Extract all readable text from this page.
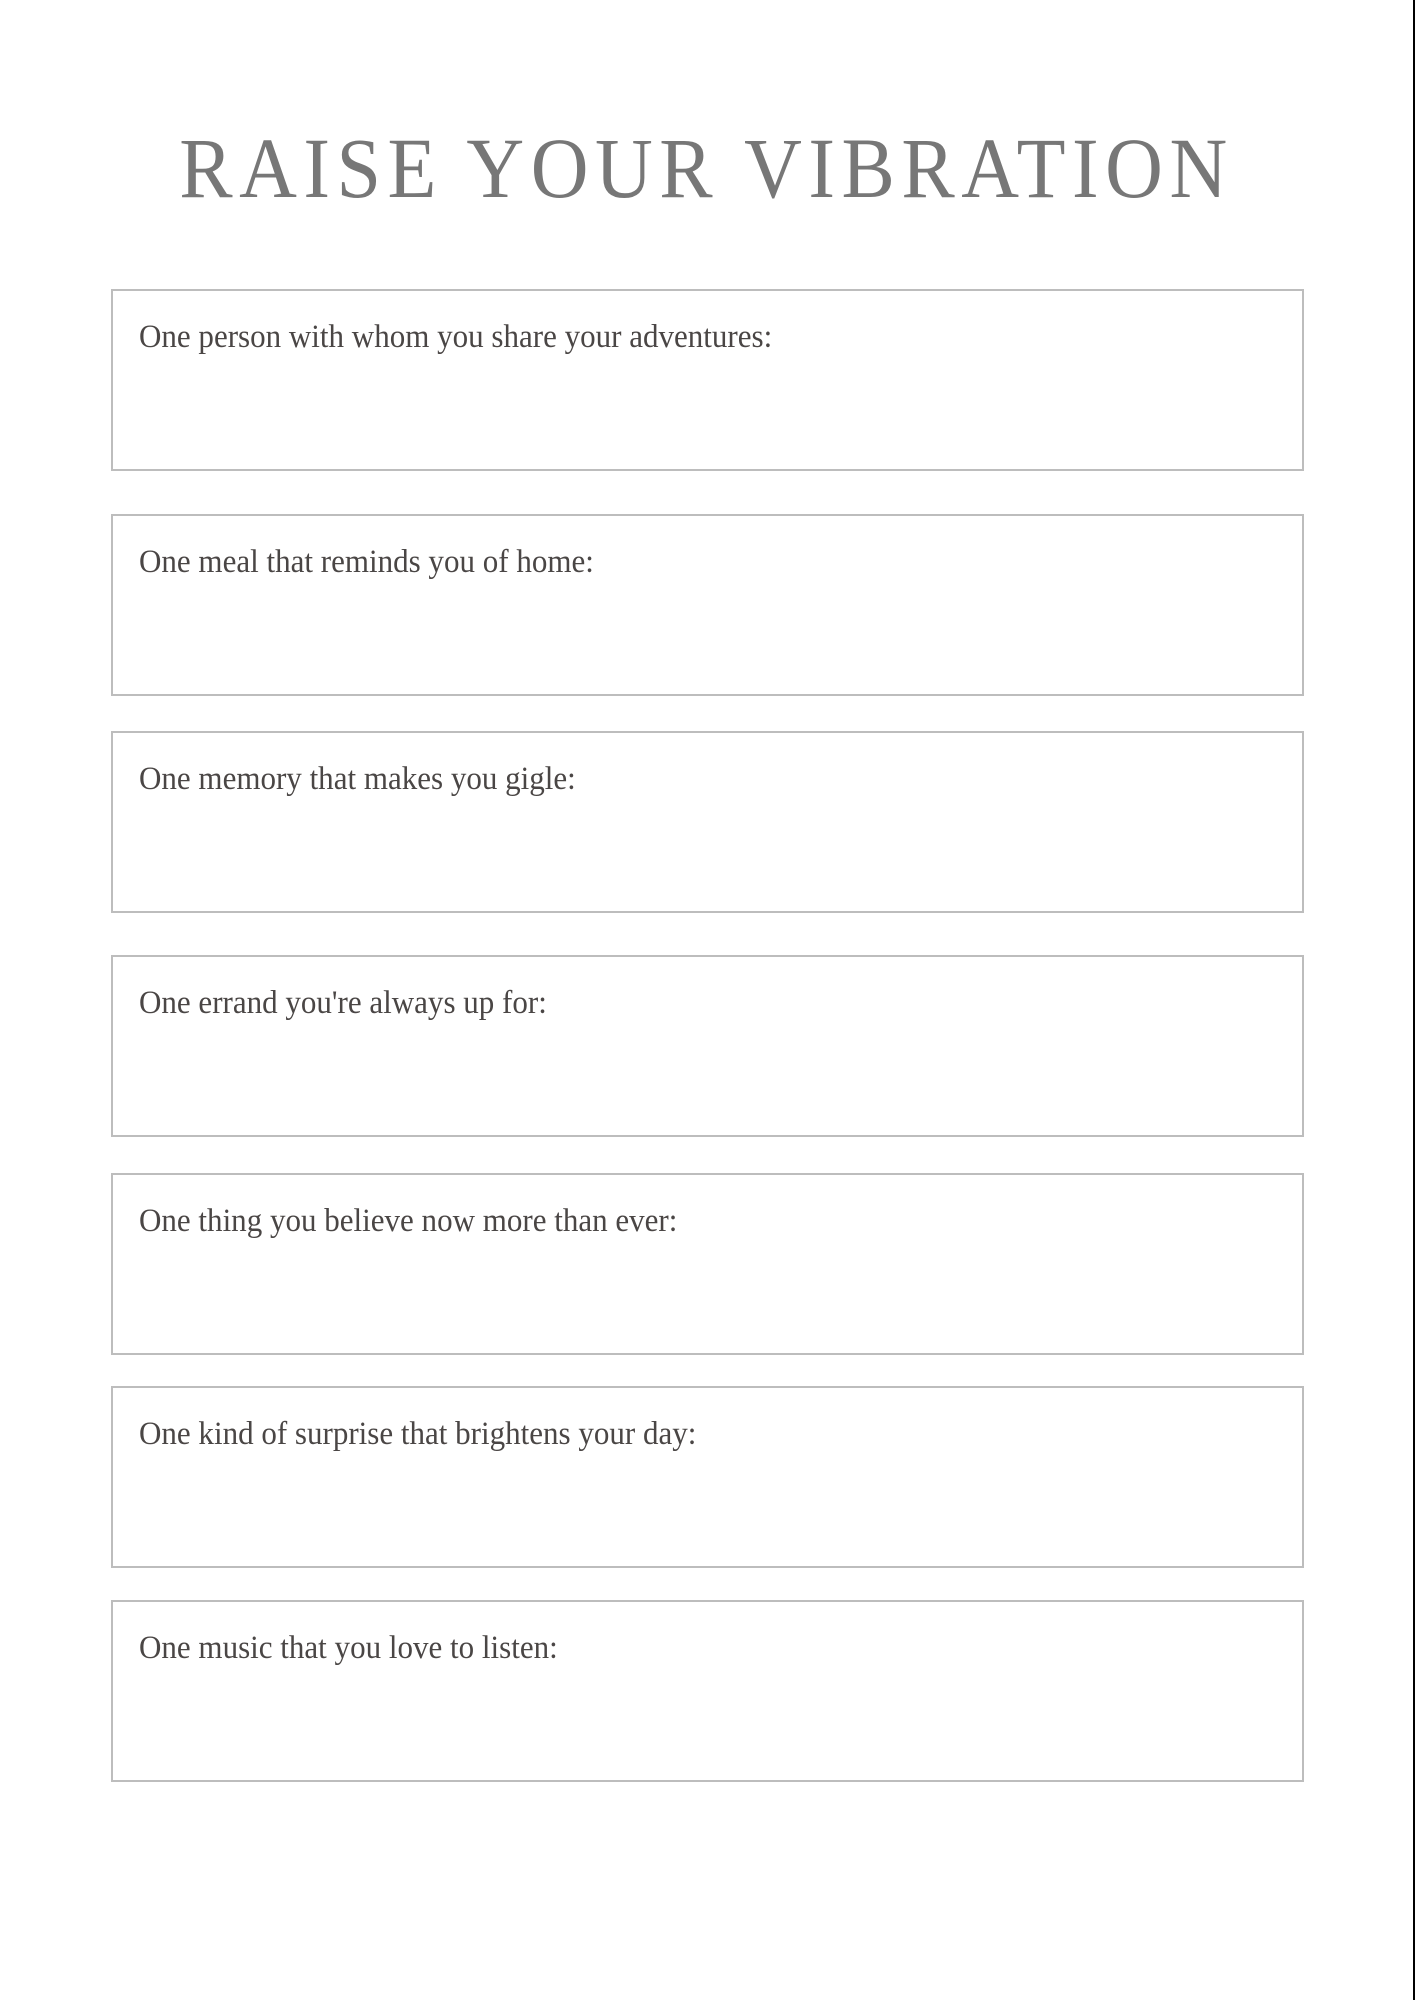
RAISE YOUR VIBRATION
One person with whom you share your adventures:
One meal that reminds you of home:
One memory that makes you gigle:
One errand you're always up for:
One thing you believe now more than ever:
One kind of surprise that brightens your day:
One music that you love to listen:
